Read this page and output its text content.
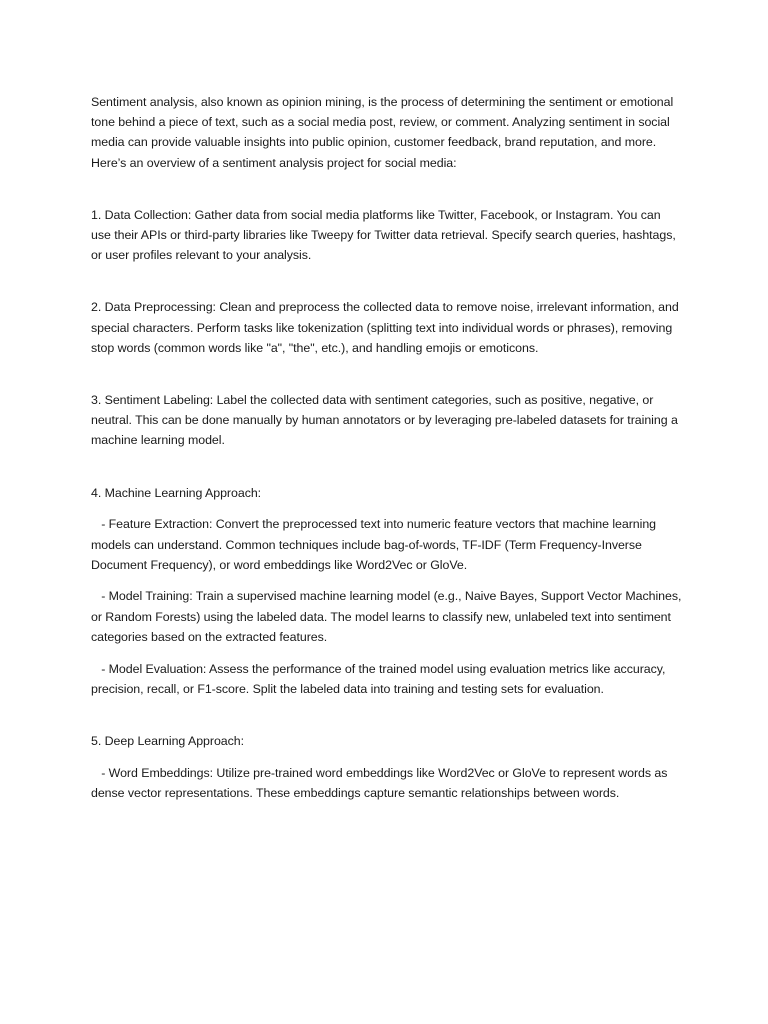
Sentiment analysis, also known as opinion mining, is the process of determining the sentiment or emotional tone behind a piece of text, such as a social media post, review, or comment. Analyzing sentiment in social media can provide valuable insights into public opinion, customer feedback, brand reputation, and more. Here’s an overview of a sentiment analysis project for social media:

1. Data Collection: Gather data from social media platforms like Twitter, Facebook, or Instagram. You can use their APIs or third-party libraries like Tweepy for Twitter data retrieval. Specify search queries, hashtags, or user profiles relevant to your analysis.

2. Data Preprocessing: Clean and preprocess the collected data to remove noise, irrelevant information, and special characters. Perform tasks like tokenization (splitting text into individual words or phrases), removing stop words (common words like "a", "the", etc.), and handling emojis or emoticons.

3. Sentiment Labeling: Label the collected data with sentiment categories, such as positive, negative, or neutral. This can be done manually by human annotators or by leveraging pre-labeled datasets for training a machine learning model.

4. Machine Learning Approach:

- Feature Extraction: Convert the preprocessed text into numeric feature vectors that machine learning models can understand. Common techniques include bag-of-words, TF-IDF (Term Frequency-Inverse Document Frequency), or word embeddings like Word2Vec or GloVe.

- Model Training: Train a supervised machine learning model (e.g., Naive Bayes, Support Vector Machines, or Random Forests) using the labeled data. The model learns to classify new, unlabeled text into sentiment categories based on the extracted features.

- Model Evaluation: Assess the performance of the trained model using evaluation metrics like accuracy, precision, recall, or F1-score. Split the labeled data into training and testing sets for evaluation.

5. Deep Learning Approach:

- Word Embeddings: Utilize pre-trained word embeddings like Word2Vec or GloVe to represent words as dense vector representations. These embeddings capture semantic relationships between words.
